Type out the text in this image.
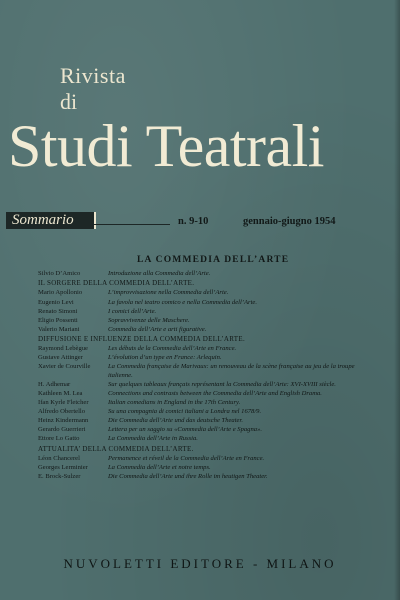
Rivista
di
Studi Teatrali
Sommario	n. 9-10	gennaio-giugno 1954
LA COMMEDIA DELL’ARTE
Silvio D’Amico	Introduzione alla Commedia dell’Arte.
IL SORGERE DELLA COMMEDIA DELL’ARTE.
Mario Apollonio	L’improvvisazione nella Commedia dell’Arte.
Eugenio Levi	La favola nel teatro comico e nella Commedia dell’Arte.
Renato Simoni	I comici dell’Arte.
Eligio Possenti	Sopravvivenze delle Maschere.
Valerio Mariani	Commedia dell’Arte e arti figurative.
DIFFUSIONE E INFLUENZE DELLA COMMEDIA DELL’ARTE.
Raymond Lebègue	Les débuts de la Commedia dell’Arte en France.
Gustave Attinger	L’évolution d’un type en France: Arlequin.
Xavier de Courville	La Commedia française de Marivaux: un renouveau de la scène française au jeu de la troupe italienne.
H. Adhemar	Sur quelques tableaux français représentant la Commedia dell’Arte: XVI-XVIII siècle.
Kathleen M. Lea	Connections and contrasts between the Commedia dell’Arte and English Drama.
Ifan Kyrle Fletcher	Italian comedians in England in the 17th Century.
Alfredo Obertello	Su una compagnia di comici italiani a Londra nel 1678/9.
Heinz Kindermann	Die Commedia dell’Arte und das deutsche Theater.
Gerardo Guerrieri	Lettera per un saggio su «Commedia dell’Arte e Spagna».
Ettore Lo Gatto	La Commedia dell’Arte in Russia.
ATTUALITA’ DELLA COMMEDIA DELL’ARTE.
Léon Chancerel	Permanence et réveil de la Commedia dell’Arte en France.
Georges Lerminier	La Commedia dell’Arte et notre temps.
E. Brock-Sulzer	Die Commedia dell’Arte und ihre Rolle im heutigen Theater.
NUVOLETTI EDITORE - MILANO
